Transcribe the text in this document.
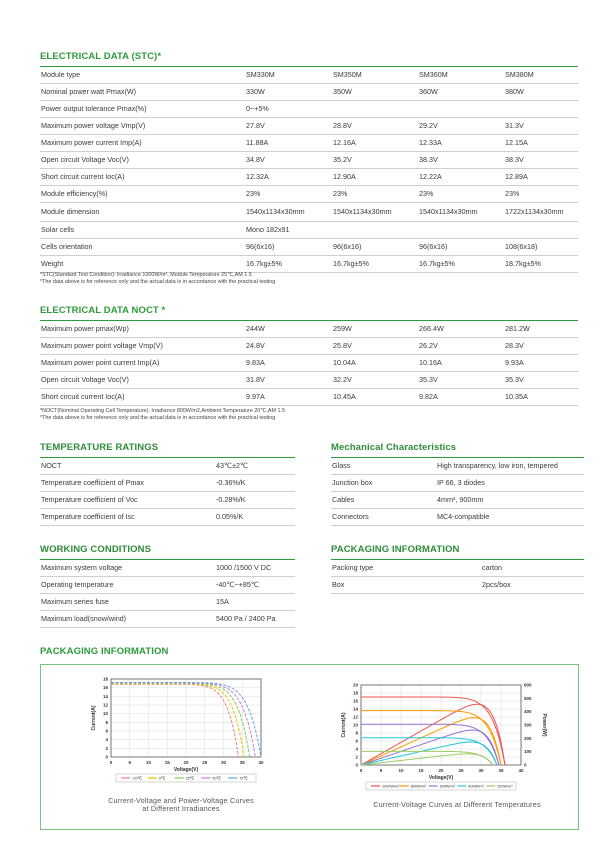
ELECTRICAL DATA (STC)*
Module type	SM330M	SM350M	SM360M	SM380M
Nominal power watt Pmax(W)	330W	350W	360W	380W
Power output tolerance Pmax(%)	0~+5%
Maximum power voltage Vmp(V)	27.8V	28.8V	29.2V	31.3V
Maximum power current Imp(A)	11.88A	12.16A	12.33A	12.15A
Open circuit Voltage Voc(V)	34.8V	35.2V	38.3V	38.3V
Short circuit current Ioc(A)	12.32A	12.90A	12.22A	12.89A
Module efficiency(%)	23%	23%	23%	23%
Module dimension	1540x1134x30mm	1540x1134x30mm	1540x1134x30mm	1722x1134x30mm
Solar cells	Mono 182x91
Cells orientation	96(6x16)	96(6x16)	96(6x16)	108(6x18)
Weight	16.7kg±5%	16.7kg±5%	16.7kg±5%	18.7kg±5%
*STC(Standard Test Condition): Irradiance 1000W/m², Module Temperature 25℃,AM 1.5
*The data above is for reference only and the actual data is in accordance with the practical testing
ELECTRICAL DATA NOCT *
Maximum power pmax(Wp)	244W	259W	266.4W	281.2W
Maximum power point voltage Vmp(V)	24.8V	25.8V	26.2V	28.3V
Maximum power point current Imp(A)	9.83A	10.04A	10.16A	9.93A
Open circuit Voltage Voc(V)	31.8V	32.2V	35.3V	35.3V
Short circuit current Ioc(A)	9.97A	10.45A	9.82A	10.35A
*NOCT(Nominal Operating Cell Temperature): Irradiance 800W/m2,Ambient Temperature 20℃,AM 1.5
*The data above is for reference only and the actual data is in accordance with the practical testing
TEMPERATURE RATINGS
NOCT	43℃±2℃
Temperature coefficient of Pmax	-0.36%/K
Temperature coefficient of Voc	-0.28%/K
Temperature coefficient of Isc	0.05%/K
Mechanical Characteristics
Glass	High transparency, low iron, tempered
Junction box	IP 66, 3 diodes
Cables	4mm², 900mm
Connectors	MC4-compatible
WORKING CONDITIONS
Maximum system voltage	1000 /1500 V DC
Operating temperature	-40℃~+85℃
Maximum series fuse	15A
Maximum load(snow/wind)	5400 Pa / 2400 Pa
PACKAGING INFORMATION
Packing type	carton
Box	2pcs/box
PACKAGING INFORMATION
0	5	10	15	20	25	30	35	40
0
2
4
6
8
10
12
14
16
18
Voltage(V)
Current(A)
-25℃	0℃	25℃	50℃	75℃
0	5	10	15	20	25	30	35	40
0
2
4
6
8
10
12
14
16
18
20
0
100
200
300
400
500
600
Power(W)
Voltage(V)
Current(A)
1000W/m²	800W/m²	600W/m²	400W/m²	200W/m²
Current-Voltage and Power-Voltage Curves
at Different Irradiances	Current-Voltage Curves at Different Temperatures
